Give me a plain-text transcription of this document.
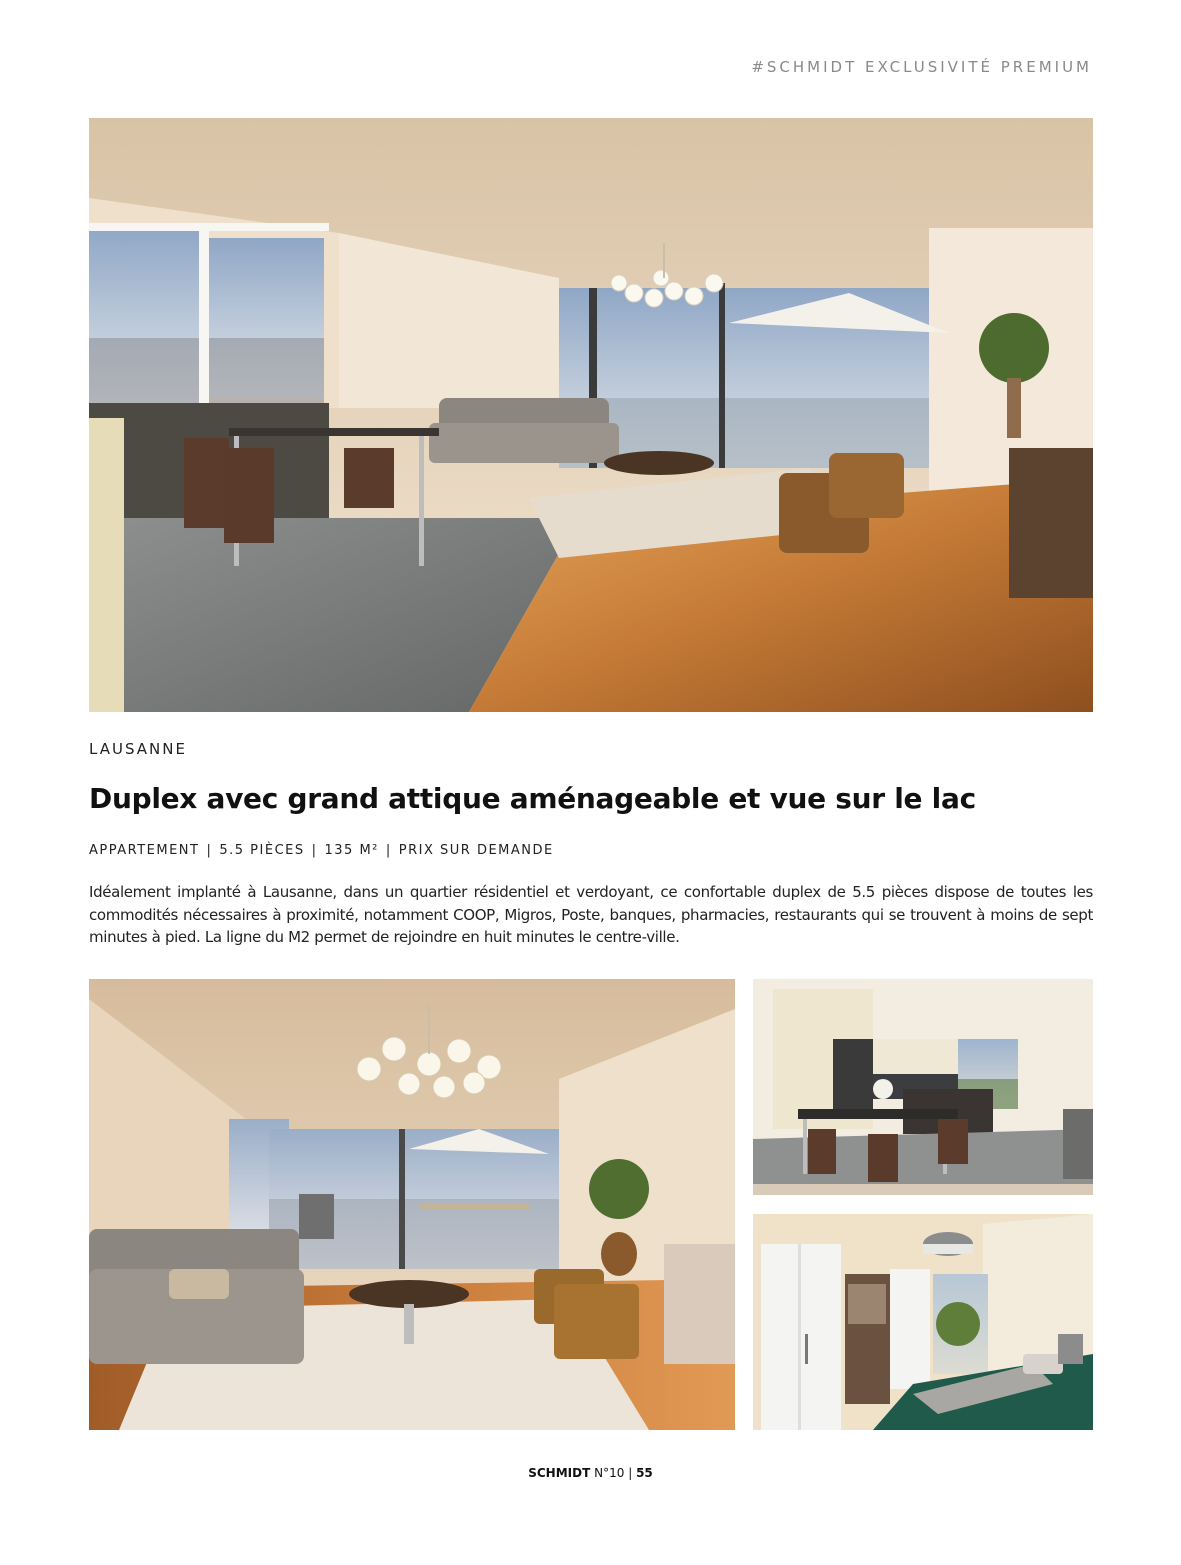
#SCHMIDT EXCLUSIVITÉ PREMIUM
LAUSANNE
Duplex avec grand attique aménageable et vue sur le lac
APPARTEMENT | 5.5 PIÈCES | 135 M² | PRIX SUR DEMANDE

Idéalement implanté à Lausanne, dans un quartier résidentiel et verdoyant, ce confortable duplex de 5.5 pièces dispose de toutes les commodités nécessaires à proximité, notamment COOP, Migros, Poste, banques, pharmacies, restaurants qui se trouvent à moins de sept minutes à pied. La ligne du M2 permet de rejoindre en huit minutes le centre-ville.

SCHMIDT N°10 | 55
